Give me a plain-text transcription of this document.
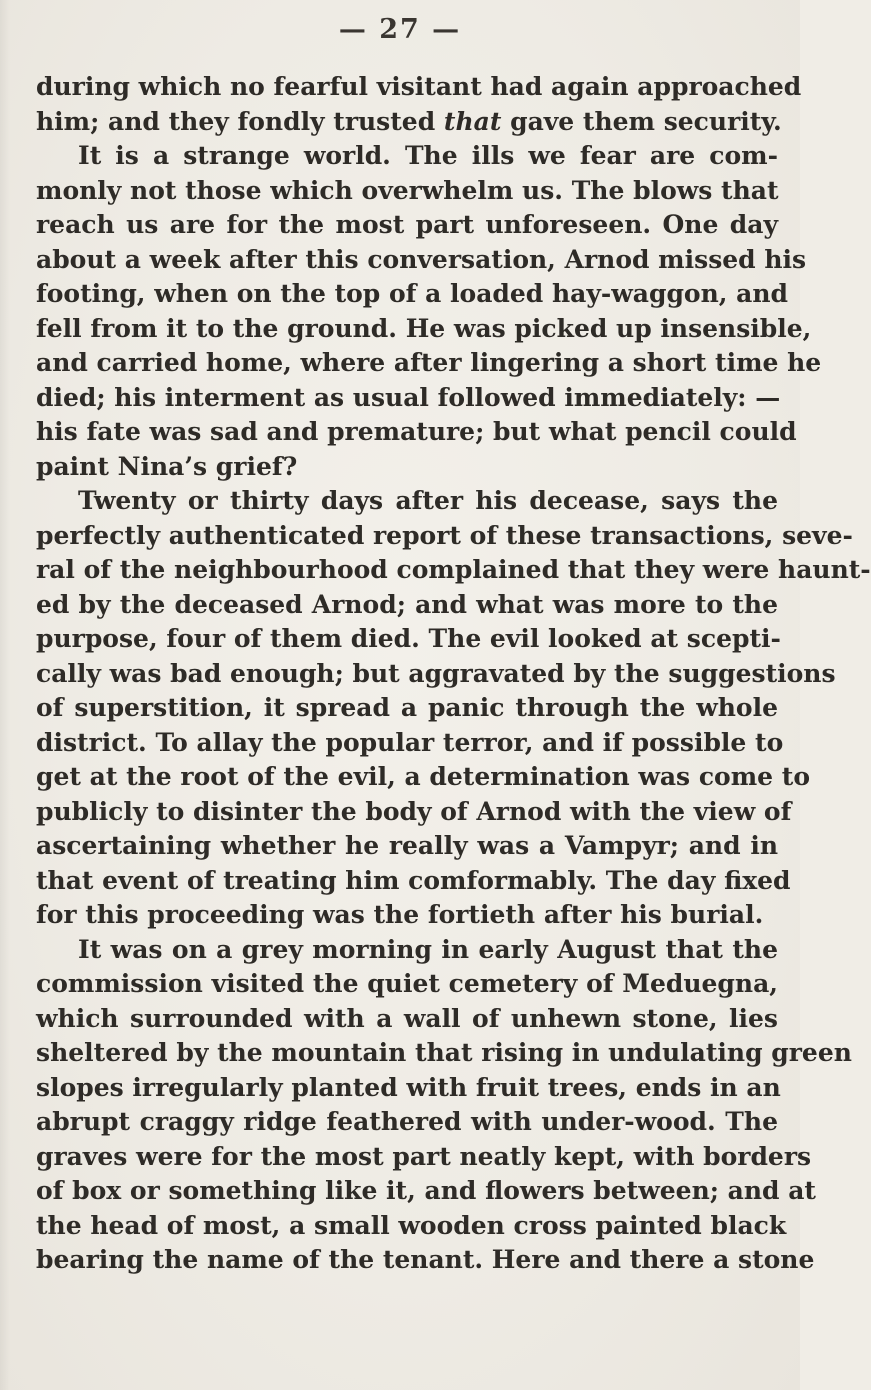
— 27 —
during which no fearful visitant had again approached
him; and they fondly trusted that gave them security.
It is a strange world. The ills we fear are com-
monly not those which overwhelm us. The blows that
reach us are for the most part unforeseen. One day
about a week after this conversation, Arnod missed his
footing, when on the top of a loaded hay-waggon, and
fell from it to the ground. He was picked up insensible,
and carried home, where after lingering a short time he
died; his interment as usual followed immediately: —
his fate was sad and premature; but what pencil could
paint Nina’s grief?
Twenty or thirty days after his decease, says the
perfectly authenticated report of these transactions, seve-
ral of the neighbourhood complained that they were haunt-
ed by the deceased Arnod; and what was more to the
purpose, four of them died. The evil looked at scepti-
cally was bad enough; but aggravated by the suggestions
of superstition, it spread a panic through the whole
district. To allay the popular terror, and if possible to
get at the root of the evil, a determination was come to
publicly to disinter the body of Arnod with the view of
ascertaining whether he really was a Vampyr; and in
that event of treating him comformably. The day fixed
for this proceeding was the fortieth after his burial.
It was on a grey morning in early August that the
commission visited the quiet cemetery of Meduegna,
which surrounded with a wall of unhewn stone, lies
sheltered by the mountain that rising in undulating green
slopes irregularly planted with fruit trees, ends in an
abrupt craggy ridge feathered with under-wood. The
graves were for the most part neatly kept, with borders
of box or something like it, and flowers between; and at
the head of most, a small wooden cross painted black
bearing the name of the tenant. Here and there a stone
